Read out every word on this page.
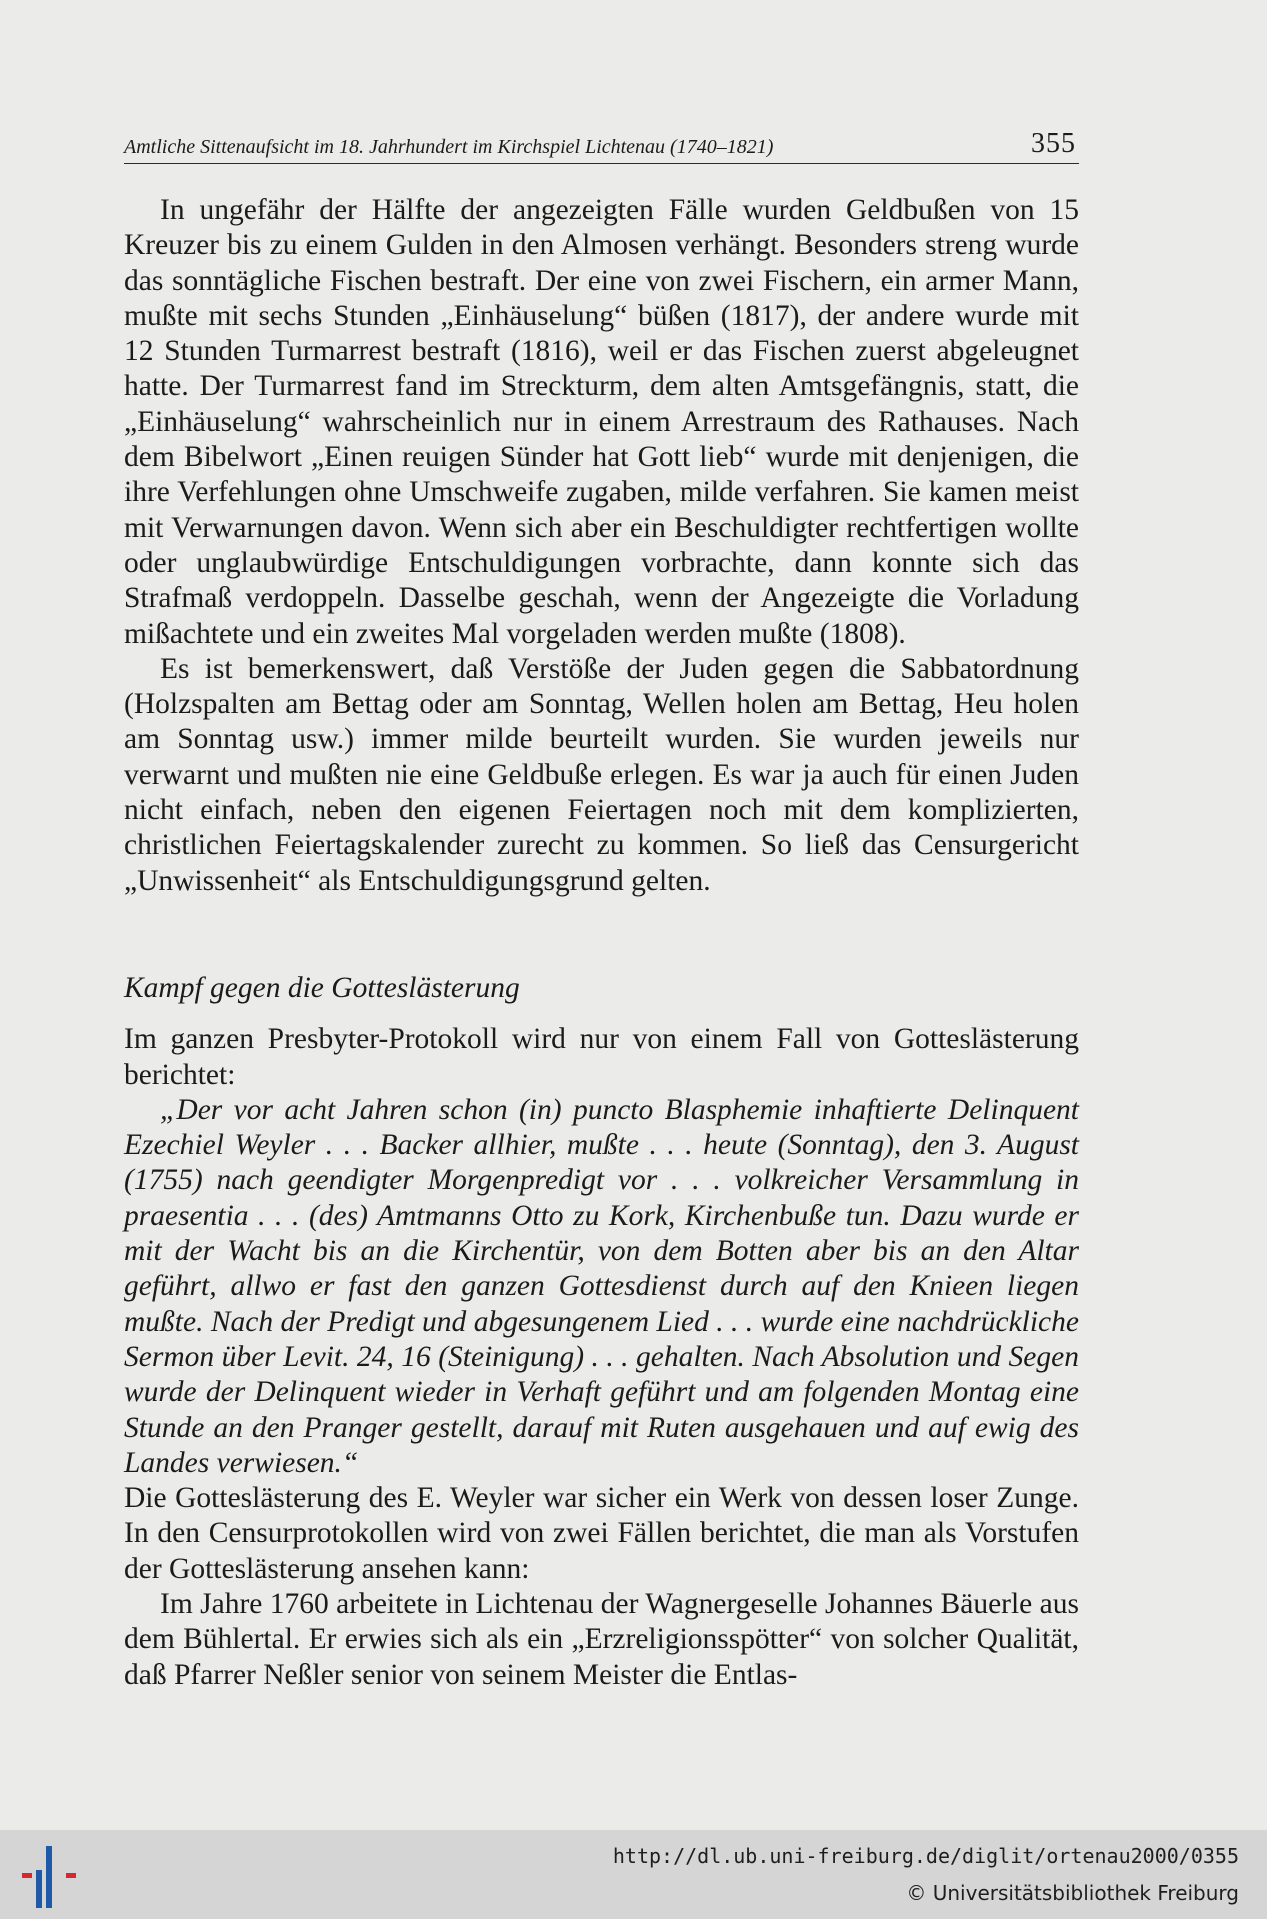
Amtliche Sittenaufsicht im 18. Jahrhundert im Kirchspiel Lichtenau (1740–1821)	355

In ungefähr der Hälfte der angezeigten Fälle wurden Geldbußen von 15 Kreuzer bis zu einem Gulden in den Almosen verhängt. Besonders streng wurde das sonntägliche Fischen bestraft. Der eine von zwei Fischern, ein armer Mann, mußte mit sechs Stunden „Einhäuselung“ büßen (1817), der andere wurde mit 12 Stunden Turmarrest bestraft (1816), weil er das Fischen zuerst abgeleugnet hatte. Der Turmarrest fand im Streckturm, dem alten Amtsgefängnis, statt, die „Einhäuselung“ wahrscheinlich nur in einem Arrestraum des Rathauses. Nach dem Bibelwort „Einen reuigen Sünder hat Gott lieb“ wurde mit denjenigen, die ihre Verfehlungen ohne Umschweife zugaben, milde verfahren. Sie kamen meist mit Verwarnungen davon. Wenn sich aber ein Beschuldigter rechtfertigen wollte oder unglaubwürdige Entschuldigungen vorbrachte, dann konnte sich das Strafmaß verdoppeln. Dasselbe geschah, wenn der Angezeigte die Vorladung mißachtete und ein zweites Mal vorgeladen werden mußte (1808).

Es ist bemerkenswert, daß Verstöße der Juden gegen die Sabbatordnung (Holzspalten am Bettag oder am Sonntag, Wellen holen am Bettag, Heu holen am Sonntag usw.) immer milde beurteilt wurden. Sie wurden jeweils nur verwarnt und mußten nie eine Geldbuße erlegen. Es war ja auch für einen Juden nicht einfach, neben den eigenen Feiertagen noch mit dem komplizierten, christlichen Feiertagskalender zurecht zu kommen. So ließ das Censurgericht „Unwissenheit“ als Entschuldigungsgrund gelten.

Kampf gegen die Gotteslästerung

Im ganzen Presbyter-Protokoll wird nur von einem Fall von Gotteslästerung berichtet:

„Der vor acht Jahren schon (in) puncto Blasphemie inhaftierte Delinquent Ezechiel Weyler . . . Backer allhier, mußte . . . heute (Sonntag), den 3. August (1755) nach geendigter Morgenpredigt vor . . . volkreicher Versammlung in praesentia . . . (des) Amtmanns Otto zu Kork, Kirchenbuße tun. Dazu wurde er mit der Wacht bis an die Kirchentür, von dem Botten aber bis an den Altar geführt, allwo er fast den ganzen Gottesdienst durch auf den Knieen liegen mußte. Nach der Predigt und abgesungenem Lied . . . wurde eine nachdrückliche Sermon über Levit. 24, 16 (Steinigung) . . . gehalten. Nach Absolution und Segen wurde der Delinquent wieder in Verhaft geführt und am folgenden Montag eine Stunde an den Pranger gestellt, darauf mit Ruten ausgehauen und auf ewig des Landes verwiesen.“

Die Gotteslästerung des E. Weyler war sicher ein Werk von dessen loser Zunge. In den Censurprotokollen wird von zwei Fällen berichtet, die man als Vorstufen der Gotteslästerung ansehen kann:

Im Jahre 1760 arbeitete in Lichtenau der Wagnergeselle Johannes Bäuerle aus dem Bühlertal. Er erwies sich als ein „Erzreligionsspötter“ von solcher Qualität, daß Pfarrer Neßler senior von seinem Meister die Entlas-

http://dl.ub.uni-freiburg.de/diglit/ortenau2000/0355
© Universitätsbibliothek Freiburg
